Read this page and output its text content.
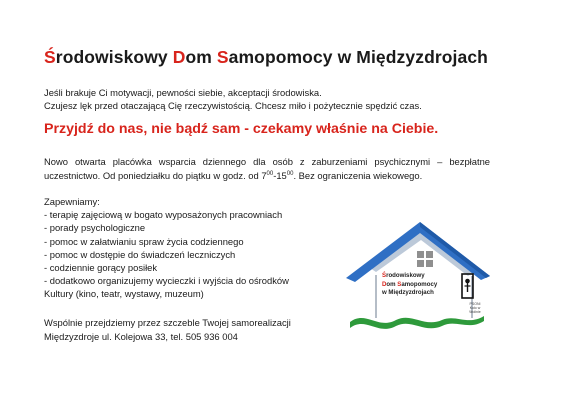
Środowiskowy Dom Samopomocy w Międzyzdrojach
Jeśli brakuje Ci motywacji, pewności siebie, akceptacji środowiska.
Czujesz lęk przed otaczającą Cię rzeczywistością. Chcesz miło i pożytecznie spędzić czas.
Przyjdź do nas, nie bądź sam - czekamy właśnie na Ciebie.
Nowo otwarta placówka wsparcia dziennego dla osób z zaburzeniami psychicznymi – bezpłatne uczestnictwo. Od poniedziałku do piątku w godz. od $7^{00}-15^{00}$. Bez ograniczenia wiekowego.
Zapewniamy:
- terapię zajęciową w bogato wyposażonych pracowniach
- porady psychologiczne
- pomoc w załatwianiu spraw życia codziennego
- pomoc w dostępie do świadczeń leczniczych
- codziennie gorący posiłek
- dodatkowo organizujemy wycieczki i wyjścia do ośrodków
Kultury (kino, teatr, wystawy, muzeum)
Wspólnie przejdziemy przez szczeble Twojej samorealizacji
Międzyzdroje ul. Kolejowa 33, tel. 505 936 004
Środowiskowy
Dom Samopomocy
w Międzyzdrojach
PSONI Koło w Wolinie
